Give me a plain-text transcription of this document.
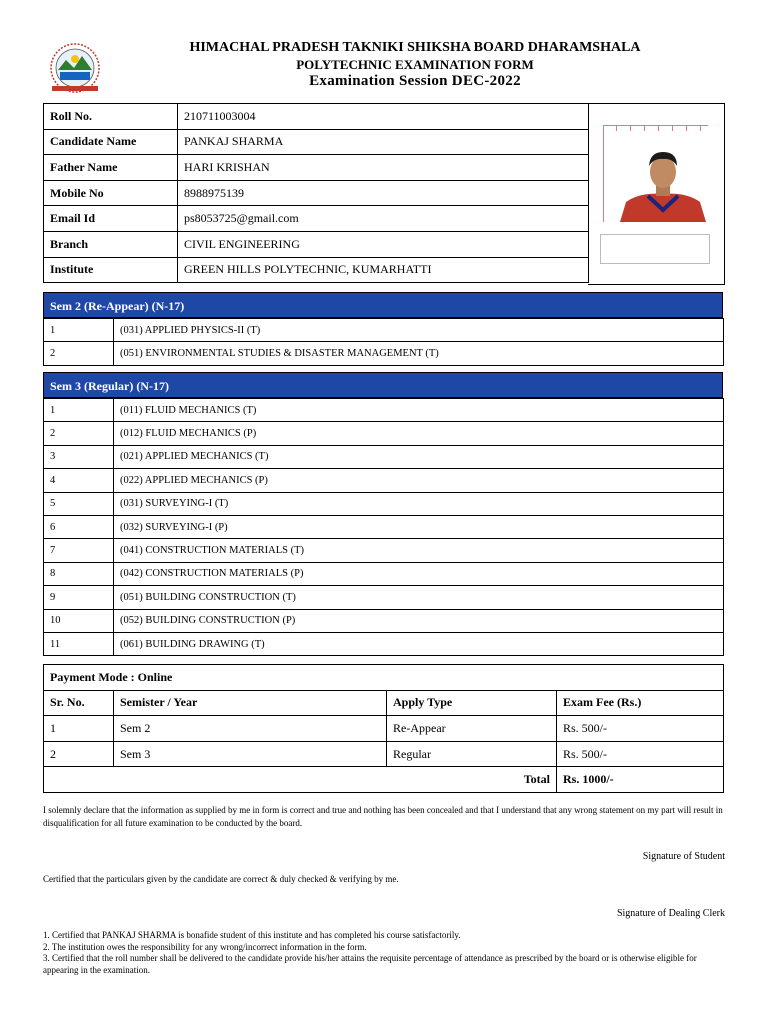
HIMACHAL PRADESH TAKNIKI SHIKSHA BOARD DHARAMSHALA
POLYTECHNIC EXAMINATION FORM
Examination Session DEC-2022
Roll No.	210711003004
Candidate Name	PANKAJ SHARMA
Father Name	HARI KRISHAN
Mobile No	8988975139
Email Id	ps8053725@gmail.com
Branch	CIVIL ENGINEERING
Institute	GREEN HILLS POLYTECHNIC, KUMARHATTI
Sem 2 (Re-Appear) (N-17)
1	(031) APPLIED PHYSICS-II (T)
2	(051) ENVIRONMENTAL STUDIES & DISASTER MANAGEMENT (T)
Sem 3 (Regular) (N-17)
1	(011) FLUID MECHANICS (T)
2	(012) FLUID MECHANICS (P)
3	(021) APPLIED MECHANICS (T)
4	(022) APPLIED MECHANICS (P)
5	(031) SURVEYING-I (T)
6	(032) SURVEYING-I (P)
7	(041) CONSTRUCTION MATERIALS (T)
8	(042) CONSTRUCTION MATERIALS (P)
9	(051) BUILDING CONSTRUCTION (T)
10	(052) BUILDING CONSTRUCTION (P)
11	(061) BUILDING DRAWING (T)
Payment Mode : Online			
Sr. No.	Semister / Year	Apply Type	Exam Fee (Rs.)
1	Sem 2	Re-Appear	Rs. 500/-
2	Sem 3	Regular	Rs. 500/-
Total			Rs. 1000/-
I solemnly declare that the information as supplied by me in form is correct and true and nothing has been concealed and that I understand that any wrong statement on my part will result in disqualification for all future examination to be conducted by the board.
Signature of Student
Certified that the particulars given by the candidate are correct & duly checked & verifying by me.
Signature of Dealing Clerk
1. Certified that PANKAJ SHARMA is bonafide student of this institute and has completed his course satisfactorily.
2. The institution owes the responsibility for any wrong/incorrect information in the form.
3. Certified that the roll number shall be delivered to the candidate provide his/her attains the requisite percentage of attendance as prescribed by the board or is otherwise eligible for appearing in the examination.
